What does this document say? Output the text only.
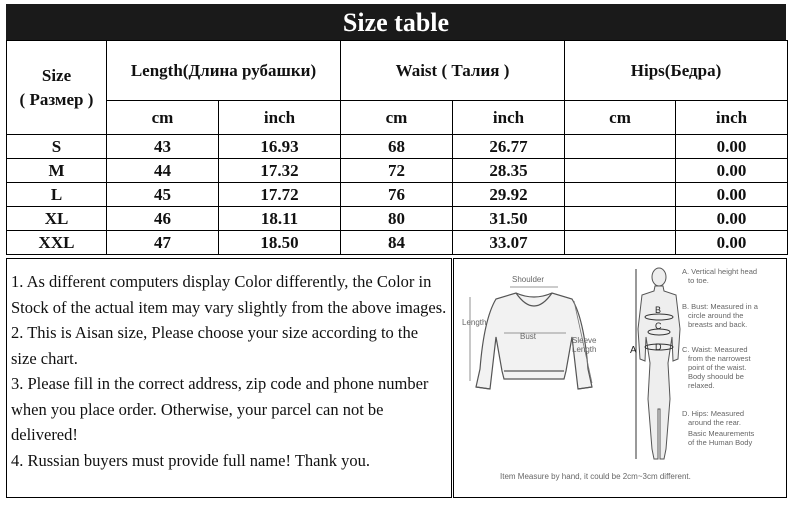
Size table
Size
( Размер )	Length(Длина рубашки)		Waist ( Талия )		Hips(Бедра)	
	cm	inch	cm	inch	cm	inch
S	43	16.93	68	26.77		0.00
M	44	17.32	72	28.35		0.00
L	45	17.72	76	29.92		0.00
XL	46	18.11	80	31.50		0.00
XXL	47	18.50	84	33.07		0.00

1. As different computers display Color differently, the Color in Stock of the actual item may vary slightly from the above images.

2. This is Aisan size, Please choose your size according to the size chart.

3. Please fill in the correct address, zip code and phone number when you place order. Otherwise, your parcel can not be delivered!

4. Russian buyers must provide full name! Thank you.

Shoulder
Length
Bust	Sleeve
Length	A
B
C
D
A. Vertical height head
to toe.
B. Bust: Measured in a
circle around the
breasts and back.
C. Waist: Measured
from the narrowest
point of the waist.
Body shoould be
relaxed.
D. Hips: Measured
around the rear.
Basic Meaurements
of the Human Body
Item Measure by hand, it could be 2cm~3cm different.
